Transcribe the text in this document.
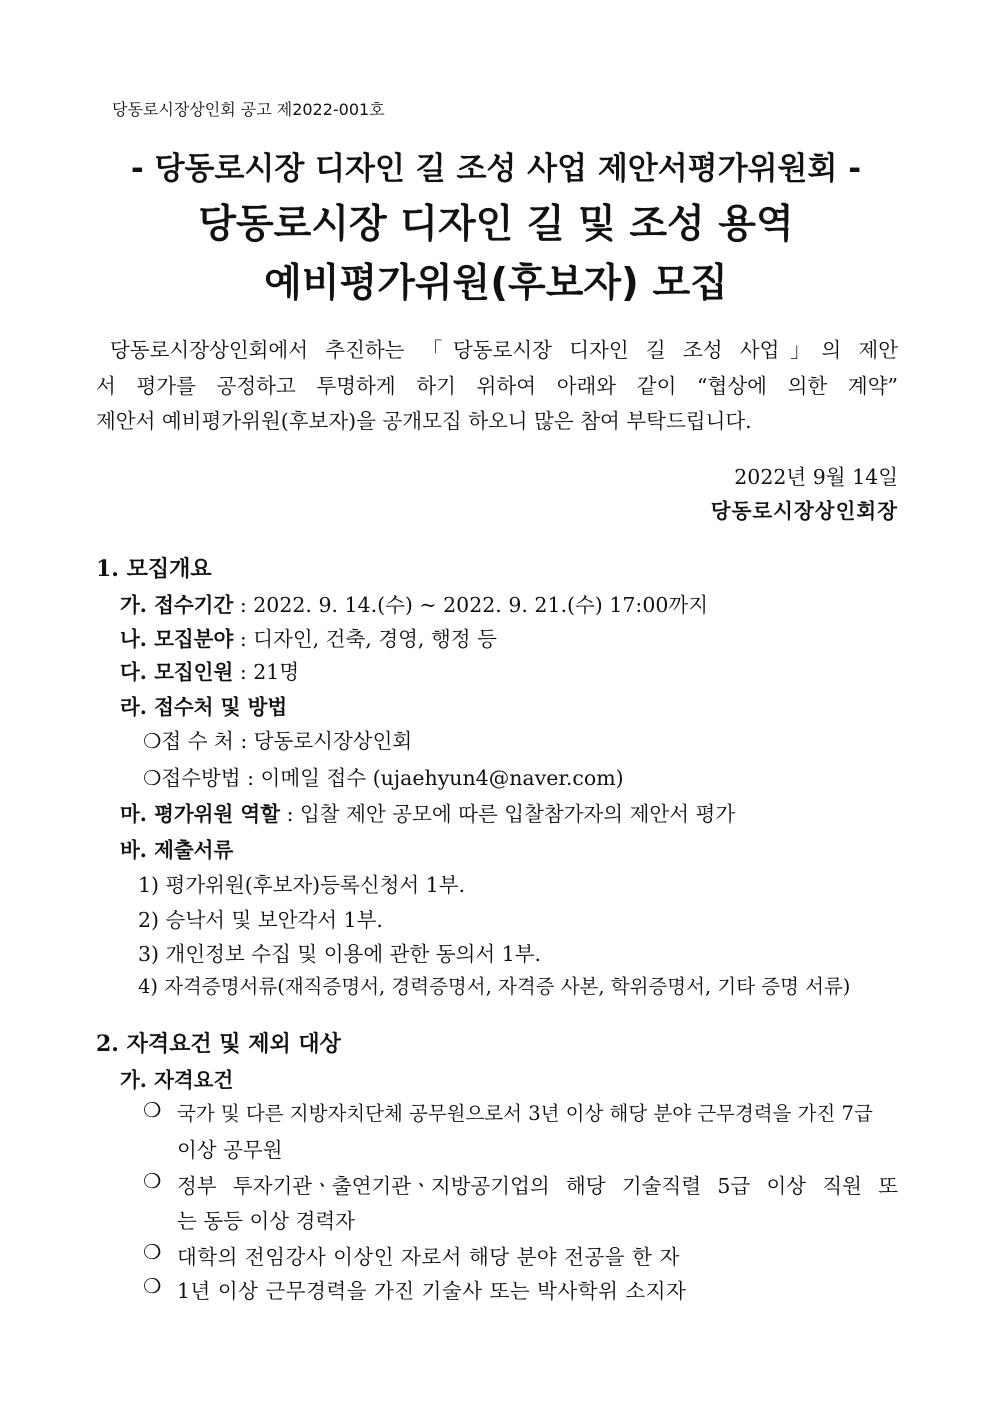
당동로시장상인회 공고 제2022-001호
- 당동로시장 디자인 길 조성 사업 제안서평가위원회 -
당동로시장 디자인 길 및 조성 용역
예비평가위원(후보자) 모집
당동로시장상인회에서 추진하는 「당동로시장 디자인 길 조성 사업」의 제안
서 평가를 공정하고 투명하게 하기 위하여 아래와 같이 “협상에 의한 계약”
제안서 예비평가위원(후보자)을 공개모집 하오니 많은 참여 부탁드립니다.
2022년 9월 14일
당동로시장상인회장
1. 모집개요
가. 접수기간 : 2022. 9. 14.(수) ~ 2022. 9. 21.(수) 17:00까지
나. 모집분야 : 디자인, 건축, 경영, 행정 등
다. 모집인원 : 21명
라. 접수처 및 방법
❍접 수 처 : 당동로시장상인회
❍접수방법 : 이메일 접수 (ujaehyun4@naver.com)
마. 평가위원 역할 : 입찰 제안 공모에 따른 입찰참가자의 제안서 평가
바. 제출서류
1) 평가위원(후보자)등록신청서 1부.
2) 승낙서 및 보안각서 1부.
3) 개인정보 수집 및 이용에 관한 동의서 1부.
4) 자격증명서류(재직증명서, 경력증명서, 자격증 사본, 학위증명서, 기타 증명 서류)
2. 자격요건 및 제외 대상
가. 자격요건
❍ 국가 및 다른 지방자치단체 공무원으로서 3년 이상 해당 분야 근무경력을 가진 7급
이상 공무원
❍ 정부 투자기관ㆍ출연기관ㆍ지방공기업의 해당 기술직렬 5급 이상 직원 또
는 동등 이상 경력자
❍ 대학의 전임강사 이상인 자로서 해당 분야 전공을 한 자
❍ 1년 이상 근무경력을 가진 기술사 또는 박사학위 소지자
